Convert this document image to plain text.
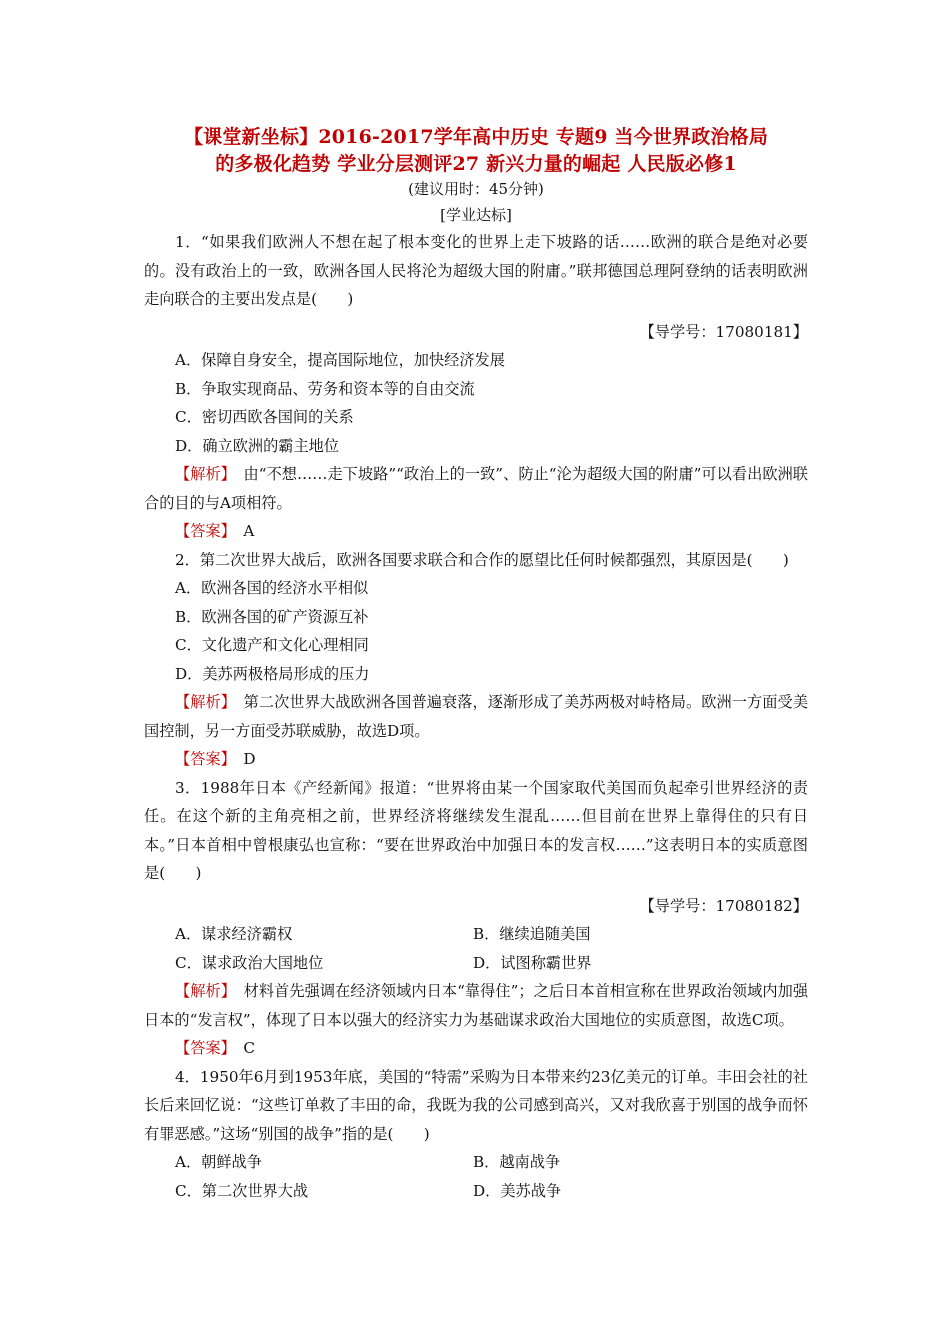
【课堂新坐标】2016-2017学年高中历史 专题9 当今世界政治格局
的多极化趋势 学业分层测评27 新兴力量的崛起 人民版必修1
(建议用时：45分钟)
[学业达标]

1．“如果我们欧洲人不想在起了根本变化的世界上走下坡路的话……欧洲的联合是绝对必要的。没有政治上的一致，欧洲各国人民将沦为超级大国的附庸。”联邦德国总理阿登纳的话表明欧洲走向联合的主要出发点是(　　)

【导学号：17080181】

A．保障自身安全，提高国际地位，加快经济发展

B．争取实现商品、劳务和资本等的自由交流

C．密切西欧各国间的关系

D．确立欧洲的霸主地位

【解析】　由“不想……走下坡路”“政治上的一致”、防止“沦为超级大国的附庸”可以看出欧洲联合的目的与A项相符。

【答案】　A

2．第二次世界大战后，欧洲各国要求联合和合作的愿望比任何时候都强烈，其原因是(　　)

A．欧洲各国的经济水平相似

B．欧洲各国的矿产资源互补

C．文化遗产和文化心理相同

D．美苏两极格局形成的压力

【解析】　第二次世界大战欧洲各国普遍衰落，逐渐形成了美苏两极对峙格局。欧洲一方面受美国控制，另一方面受苏联威胁，故选D项。

【答案】　D

3．1988年日本《产经新闻》报道：“世界将由某一个国家取代美国而负起牵引世界经济的责任。在这个新的主角亮相之前，世界经济将继续发生混乱……但目前在世界上靠得住的只有日本。”日本首相中曾根康弘也宣称：“要在世界政治中加强日本的发言权……”这表明日本的实质意图是(　　)

【导学号：17080182】

A．谋求经济霸权	B．继续追随美国
C．谋求政治大国地位	D．试图称霸世界

【解析】　材料首先强调在经济领域内日本“靠得住”；之后日本首相宣称在世界政治领域内加强日本的“发言权”，体现了日本以强大的经济实力为基础谋求政治大国地位的实质意图，故选C项。

【答案】　C

4．1950年6月到1953年底，美国的“特需”采购为日本带来约23亿美元的订单。丰田会社的社长后来回忆说：“这些订单救了丰田的命，我既为我的公司感到高兴，又对我欣喜于别国的战争而怀有罪恶感。”这场“别国的战争”指的是(　　)

A．朝鲜战争	B．越南战争
C．第二次世界大战	D．美苏战争
